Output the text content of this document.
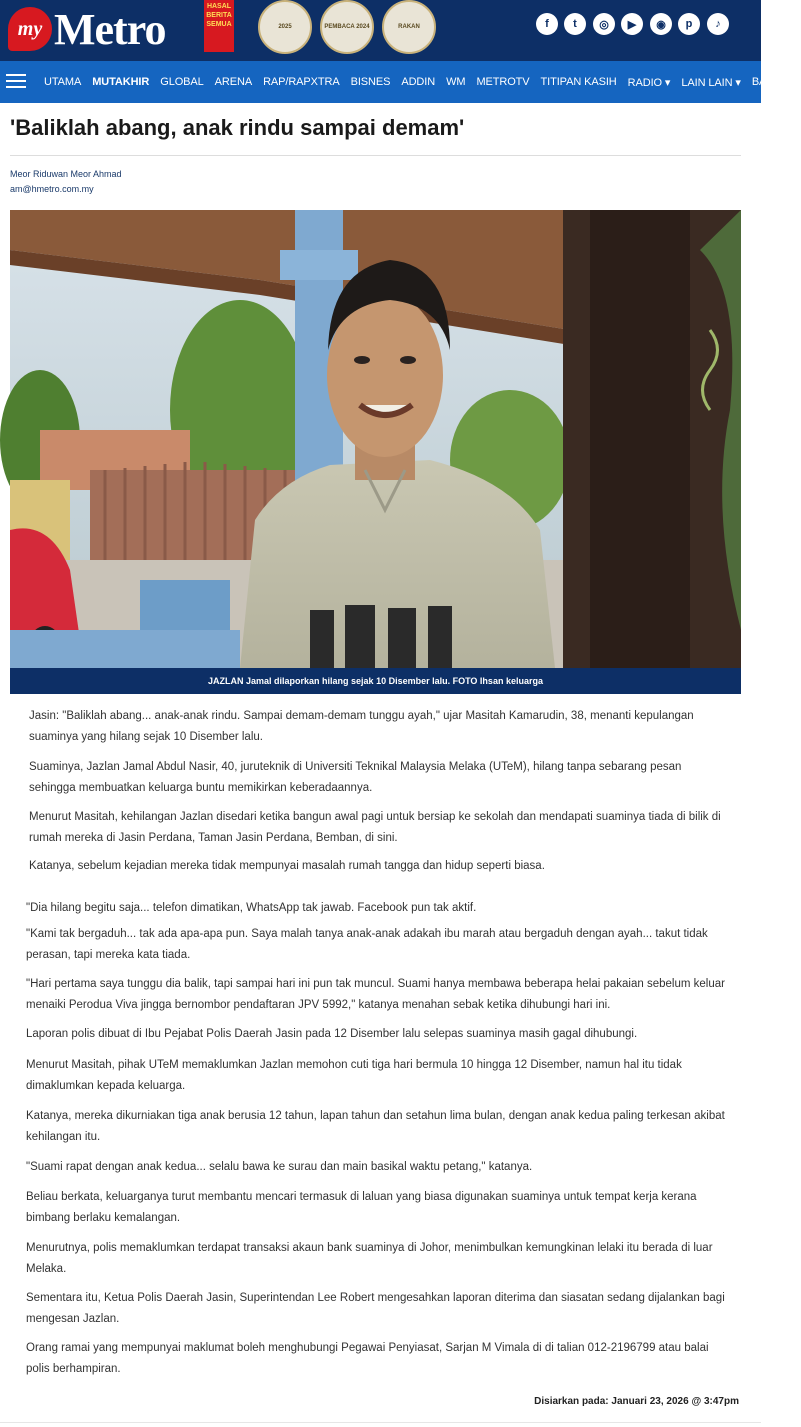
my Metro	HASAL BERITA SEMUA	2025	PEMBACA 2024	RAKAN	f t ◎ ▶ ◉ p ♪
UTAMA MUTAKHIR GLOBAL ARENA RAP/RAPXTRA BISNES ADDIN WM METROTV TITIPAN KASIH RADIO ▾ LAIN LAIN ▾ BANJIR
'Baliklah abang, anak rindu sampai demam'
Meor Riduwan Meor Ahmad
am@hmetro.com.my
JAZLAN Jamal dilaporkan hilang sejak 10 Disember lalu. FOTO Ihsan keluarga

Jasin: "Baliklah abang... anak-anak rindu. Sampai demam-demam tunggu ayah," ujar Masitah Kamarudin, 38, menanti kepulangan suaminya yang hilang sejak 10 Disember lalu.

Suaminya, Jazlan Jamal Abdul Nasir, 40, juruteknik di Universiti Teknikal Malaysia Melaka (UTeM), hilang tanpa sebarang pesan sehingga membuatkan keluarga buntu memikirkan keberadaannya.

Menurut Masitah, kehilangan Jazlan disedari ketika bangun awal pagi untuk bersiap ke sekolah dan mendapati suaminya tiada di bilik di rumah mereka di Jasin Perdana, Taman Jasin Perdana, Bemban, di sini.

Katanya, sebelum kejadian mereka tidak mempunyai masalah rumah tangga dan hidup seperti biasa.

"Dia hilang begitu saja... telefon dimatikan, WhatsApp tak jawab. Facebook pun tak aktif.

"Kami tak bergaduh... tak ada apa-apa pun. Saya malah tanya anak-anak adakah ibu marah atau bergaduh dengan ayah... takut tidak perasan, tapi mereka kata tiada.

"Hari pertama saya tunggu dia balik, tapi sampai hari ini pun tak muncul. Suami hanya membawa beberapa helai pakaian sebelum keluar menaiki Perodua Viva jingga bernombor pendaftaran JPV 5992," katanya menahan sebak ketika dihubungi hari ini.

Laporan polis dibuat di Ibu Pejabat Polis Daerah Jasin pada 12 Disember lalu selepas suaminya masih gagal dihubungi.

Menurut Masitah, pihak UTeM memaklumkan Jazlan memohon cuti tiga hari bermula 10 hingga 12 Disember, namun hal itu tidak dimaklumkan kepada keluarga.

Katanya, mereka dikurniakan tiga anak berusia 12 tahun, lapan tahun dan setahun lima bulan, dengan anak kedua paling terkesan akibat kehilangan itu.

"Suami rapat dengan anak kedua... selalu bawa ke surau dan main basikal waktu petang," katanya.

Beliau berkata, keluarganya turut membantu mencari termasuk di laluan yang biasa digunakan suaminya untuk tempat kerja kerana bimbang berlaku kemalangan.

Menurutnya, polis memaklumkan terdapat transaksi akaun bank suaminya di Johor, menimbulkan kemungkinan lelaki itu berada di luar Melaka.

Sementara itu, Ketua Polis Daerah Jasin, Superintendan Lee Robert mengesahkan laporan diterima dan siasatan sedang dijalankan bagi mengesan Jazlan.

Orang ramai yang mempunyai maklumat boleh menghubungi Pegawai Penyiasat, Sarjan M Vimala di di talian 012-2196799 atau balai polis berhampiran.

Disiarkan pada: Januari 23, 2026 @ 3:47pm
